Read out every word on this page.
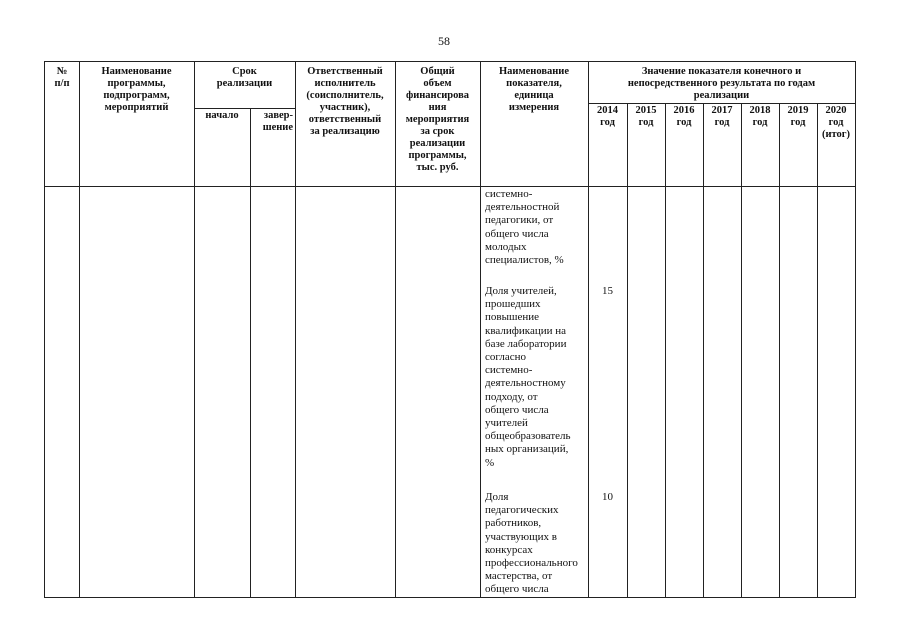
58
№
п/п
Наименование
программы,
подпрограмм,
мероприятий
Срок
реализации
начало	завер-
шение
Ответственный
исполнитель
(соисполнитель,
участник),
ответственный
за реализацию
Общий
объем
финансирова
ния
мероприятия
за срок
реализации
программы,
тыс. руб.
Наименование
показателя,
единица
измерения
Значение показателя конечного и
непосредственного результата по годам
реализации
2014
год
2015
год
2016
год
2017
год
2018
год
2019
год
2020
год
(итог)
системно-
деятельностной
педагогики, от
общего числа
молодых
специалистов, %
Доля учителей,
прошедших
повышение
квалификации на
базе лаборатории
согласно
системно-
деятельностному
подходу, от
общего числа
учителей
общеобразователь
ных организаций,
%
Доля
педагогических
работников,
участвующих в
конкурсах
профессионального
мастерства, от
общего числа
15
10
